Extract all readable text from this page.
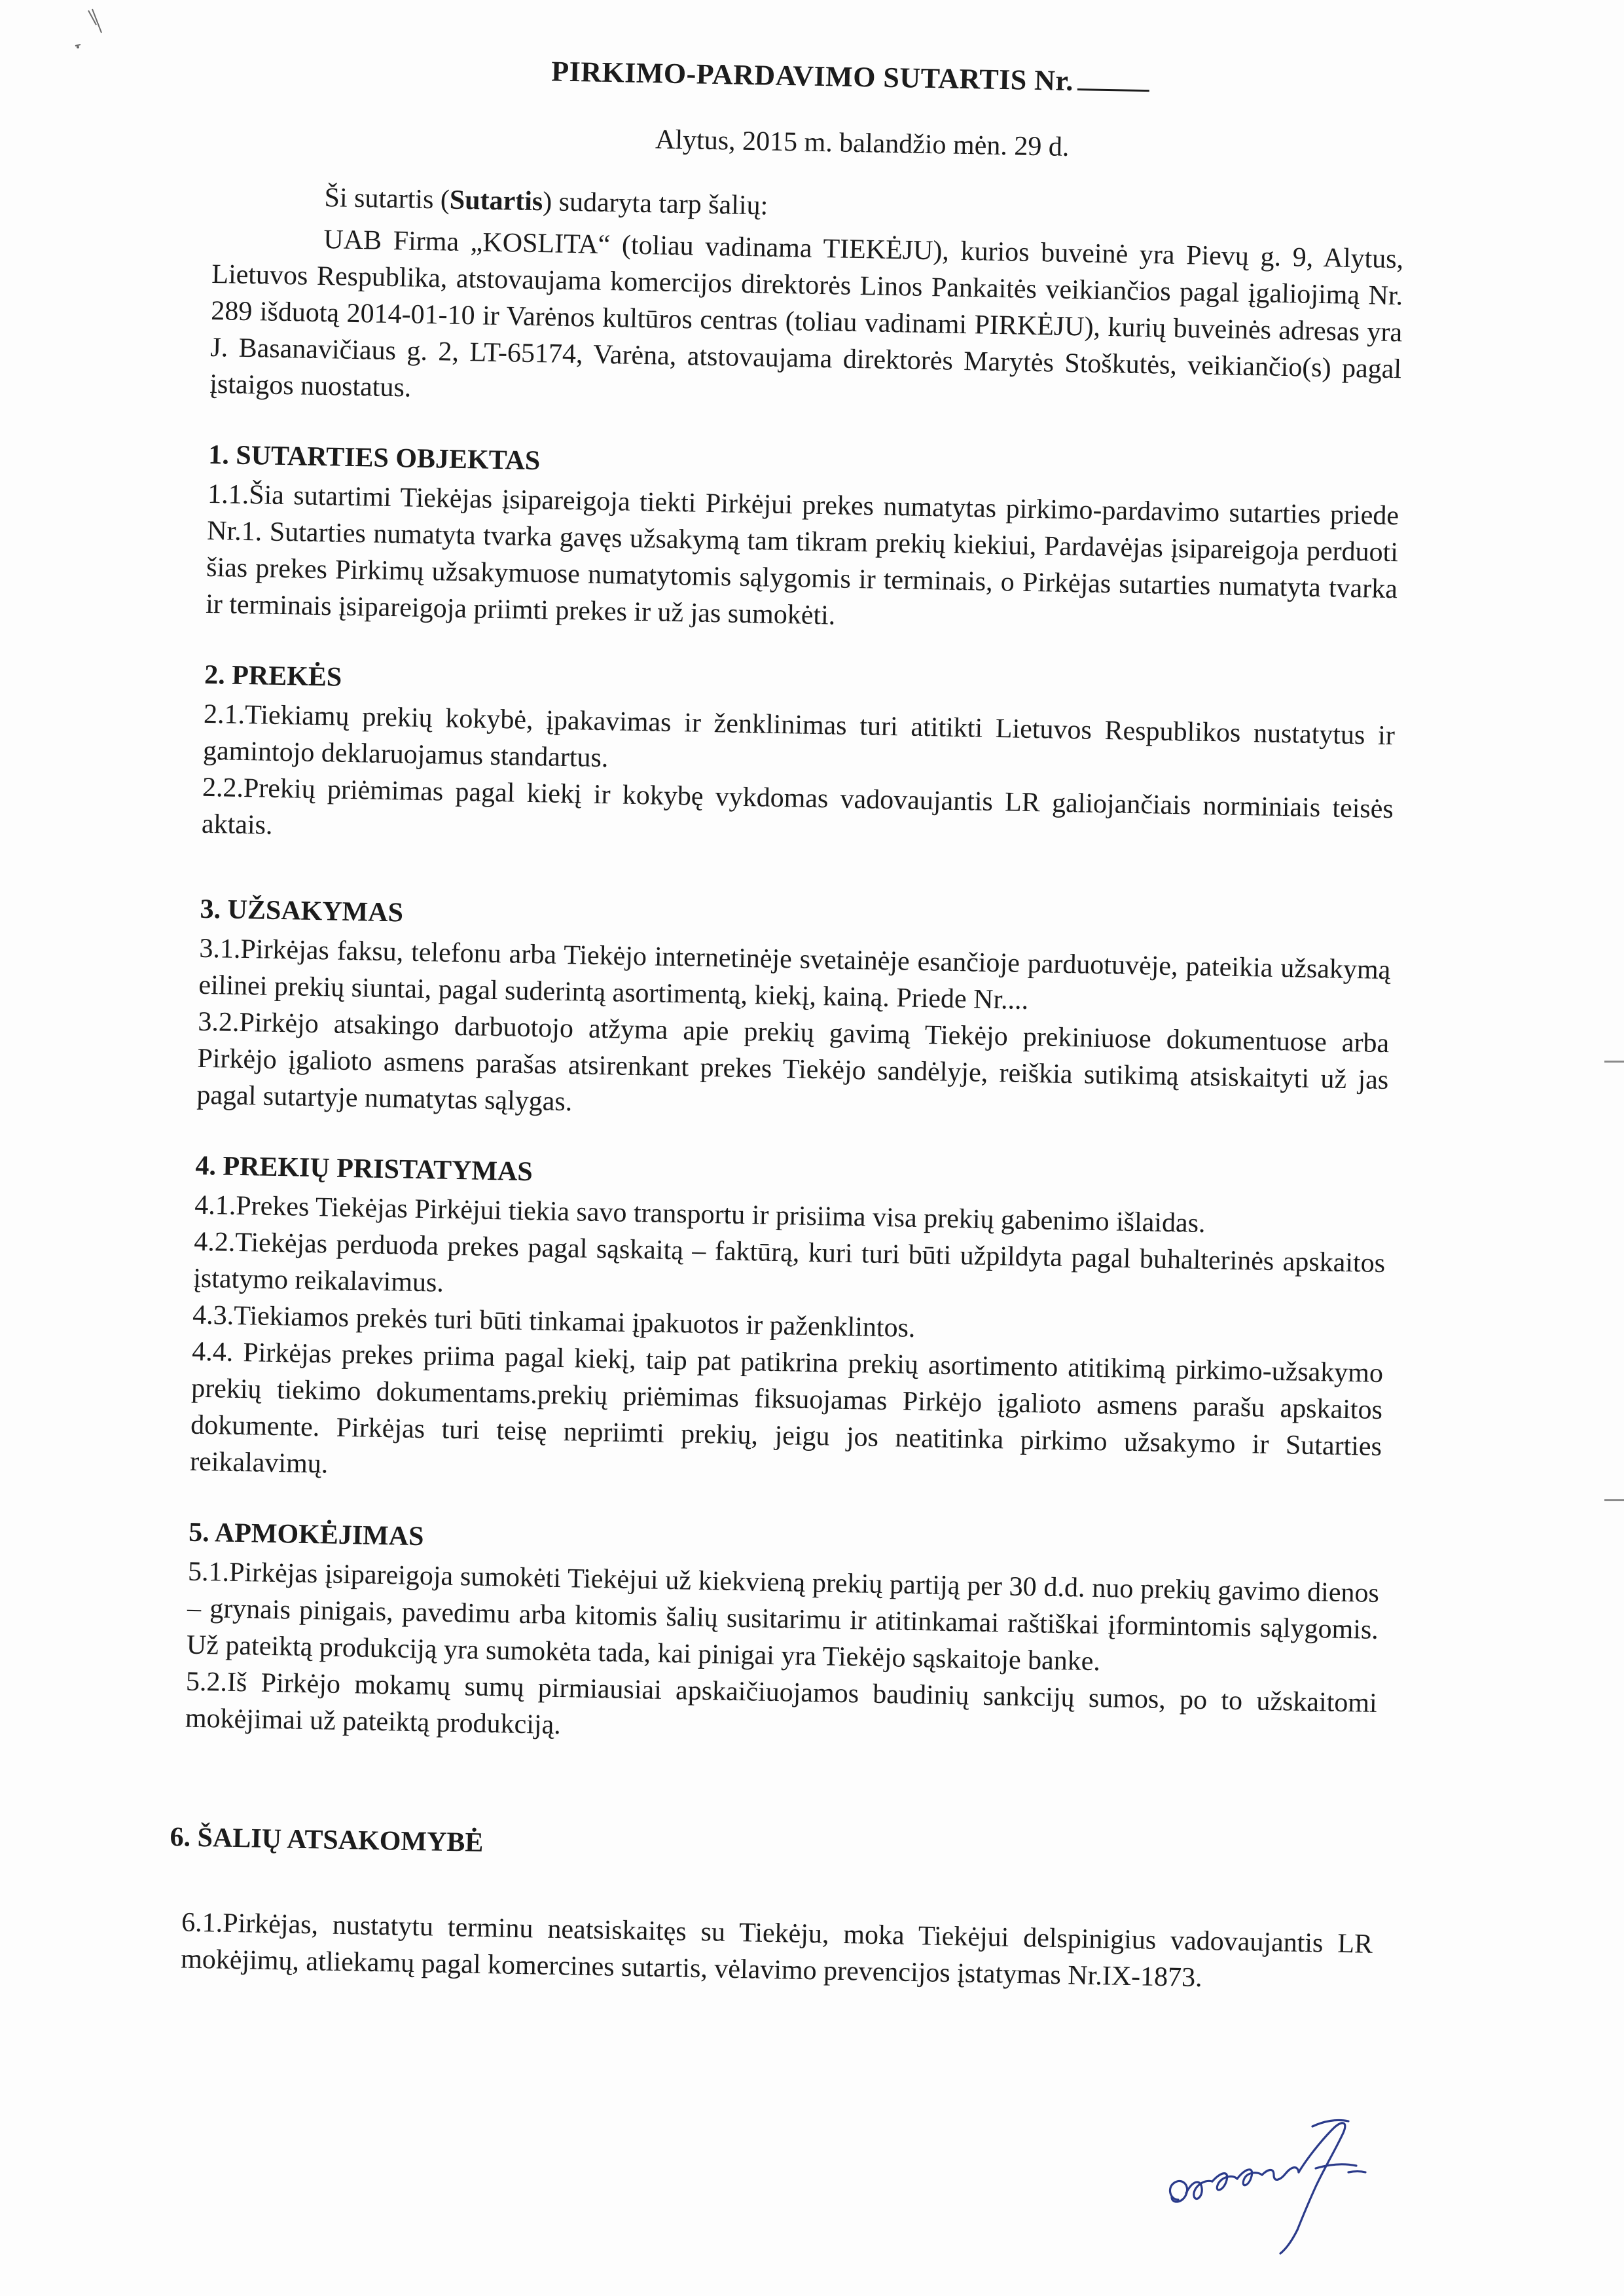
PIRKIMO-PARDAVIMO SUTARTIS Nr.
Alytus, 2015 m. balandžio mėn. 29 d.
Ši sutartis (Sutartis) sudaryta tarp šalių:

UAB Firma „KOSLITA“ (toliau vadinama TIEKĖJU), kurios buveinė yra Pievų g. 9, Alytus, Lietuvos Respublika, atstovaujama komercijos direktorės Linos Pankaitės veikiančios pagal įgaliojimą Nr. 289 išduotą 2014-01-10 ir Varėnos kultūros centras (toliau vadinami PIRKĖJU), kurių buveinės adresas yra J. Basanavičiaus g. 2, LT-65174, Varėna, atstovaujama direktorės Marytės Stoškutės, veikiančio(s) pagal įstaigos nuostatus.

1. SUTARTIES OBJEKTAS

1.1.Šia sutartimi Tiekėjas įsipareigoja tiekti Pirkėjui prekes numatytas pirkimo-pardavimo sutarties priede Nr.1. Sutarties numatyta tvarka gavęs užsakymą tam tikram prekių kiekiui, Pardavėjas įsipareigoja perduoti šias prekes Pirkimų užsakymuose numatytomis sąlygomis ir terminais, o Pirkėjas sutarties numatyta tvarka ir terminais įsipareigoja priimti prekes ir už jas sumokėti.

2. PREKĖS

2.1.Tiekiamų prekių kokybė, įpakavimas ir ženklinimas turi atitikti Lietuvos Respublikos nustatytus ir gamintojo deklaruojamus standartus.

2.2.Prekių priėmimas pagal kiekį ir kokybę vykdomas vadovaujantis LR galiojančiais norminiais teisės aktais.

3. UŽSAKYMAS

3.1.Pirkėjas faksu, telefonu arba Tiekėjo internetinėje svetainėje esančioje parduotuvėje, pateikia užsakymą eilinei prekių siuntai, pagal suderintą asortimentą, kiekį, kainą. Priede Nr....

3.2.Pirkėjo atsakingo darbuotojo atžyma apie prekių gavimą Tiekėjo prekiniuose dokumentuose arba Pirkėjo įgalioto asmens parašas atsirenkant prekes Tiekėjo sandėlyje, reiškia sutikimą atsiskaityti už jas pagal sutartyje numatytas sąlygas.

4. PREKIŲ PRISTATYMAS

4.1.Prekes Tiekėjas Pirkėjui tiekia savo transportu ir prisiima visa prekių gabenimo išlaidas.

4.2.Tiekėjas perduoda prekes pagal sąskaitą – faktūrą, kuri turi būti užpildyta pagal buhalterinės apskaitos įstatymo reikalavimus.

4.3.Tiekiamos prekės turi būti tinkamai įpakuotos ir paženklintos.

4.4. Pirkėjas prekes priima pagal kiekį, taip pat patikrina prekių asortimento atitikimą pirkimo-užsakymo prekių tiekimo dokumentams.prekių priėmimas fiksuojamas Pirkėjo įgalioto asmens parašu apskaitos dokumente. Pirkėjas turi teisę nepriimti prekių, jeigu jos neatitinka pirkimo užsakymo ir Sutarties reikalavimų.

5. APMOKĖJIMAS

5.1.Pirkėjas įsipareigoja sumokėti Tiekėjui už kiekvieną prekių partiją per 30 d.d. nuo prekių gavimo dienos – grynais pinigais, pavedimu arba kitomis šalių susitarimu ir atitinkamai raštiškai įformintomis sąlygomis. Už pateiktą produkciją yra sumokėta tada, kai pinigai yra Tiekėjo sąskaitoje banke.

5.2.Iš Pirkėjo mokamų sumų pirmiausiai apskaičiuojamos baudinių sankcijų sumos, po to užskaitomi mokėjimai už pateiktą produkciją.

6. ŠALIŲ ATSAKOMYBĖ

6.1.Pirkėjas, nustatytu terminu neatsiskaitęs su Tiekėju, moka Tiekėjui delspinigius vadovaujantis LR mokėjimų, atliekamų pagal komercines sutartis, vėlavimo prevencijos įstatymas Nr.IX-1873.
